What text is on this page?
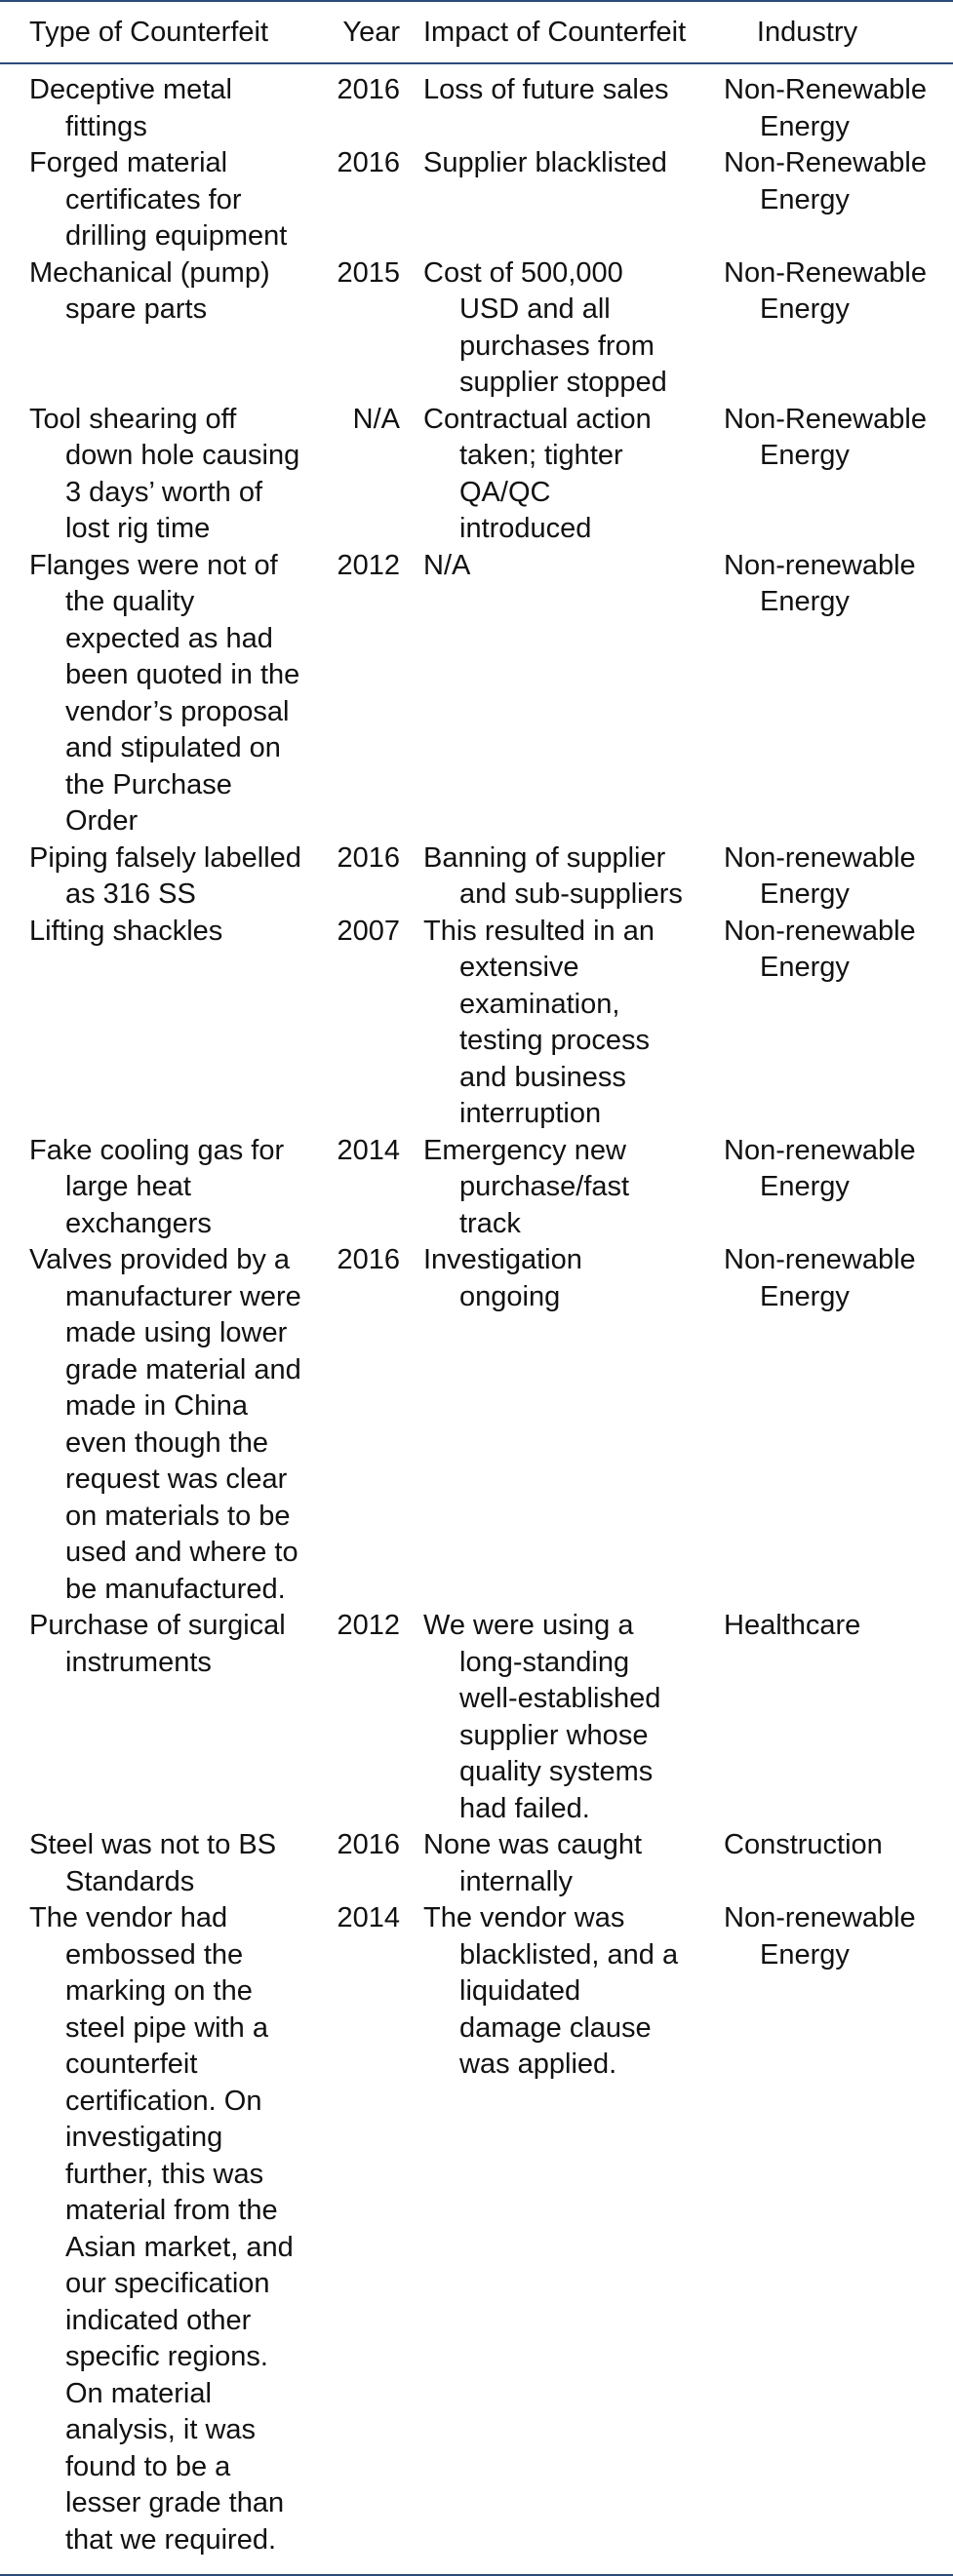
Type of Counterfeit	Year	Impact of Counterfeit	Industry

Deceptive metal fittings	2016	Loss of future sales	Non-Renewable Energy

Forged material certificates for drilling equipment	2016	Supplier blacklisted	Non-Renewable Energy

Mechanical (pump) spare parts	2015	Cost of 500,000 USD and all purchases from supplier stopped	Non-Renewable Energy

Tool shearing off down hole causing 3 days’ worth of lost rig time	N/A	Contractual action taken; tighter QA/QC introduced	Non-Renewable Energy

Flanges were not of the quality expected as had been quoted in the vendor’s proposal and stipulated on the Purchase Order	2012	N/A	Non-renewable Energy

Piping falsely labelled as 316 SS	2016	Banning of supplier and sub-suppliers	Non-renewable Energy

Lifting shackles	2007	This resulted in an extensive examination, testing process and business interruption	Non-renewable Energy

Fake cooling gas for large heat exchangers	2014	Emergency new purchase/fast track	Non-renewable Energy

Valves provided by a manufacturer were made using lower grade material and made in China even though the request was clear on materials to be used and where to be manufactured.	2016	Investigation ongoing	Non-renewable Energy

Purchase of surgical instruments	2012	We were using a long-standing well-established supplier whose quality systems had failed.	Healthcare

Steel was not to BS Standards	2016	None was caught internally	Construction

The vendor had embossed the marking on the steel pipe with a counterfeit certification. On investigating further, this was material from the Asian market, and our specification indicated other specific regions. On material analysis, it was found to be a lesser grade than that we required.	2014	The vendor was blacklisted, and a liquidated damage clause was applied.	Non-renewable Energy
